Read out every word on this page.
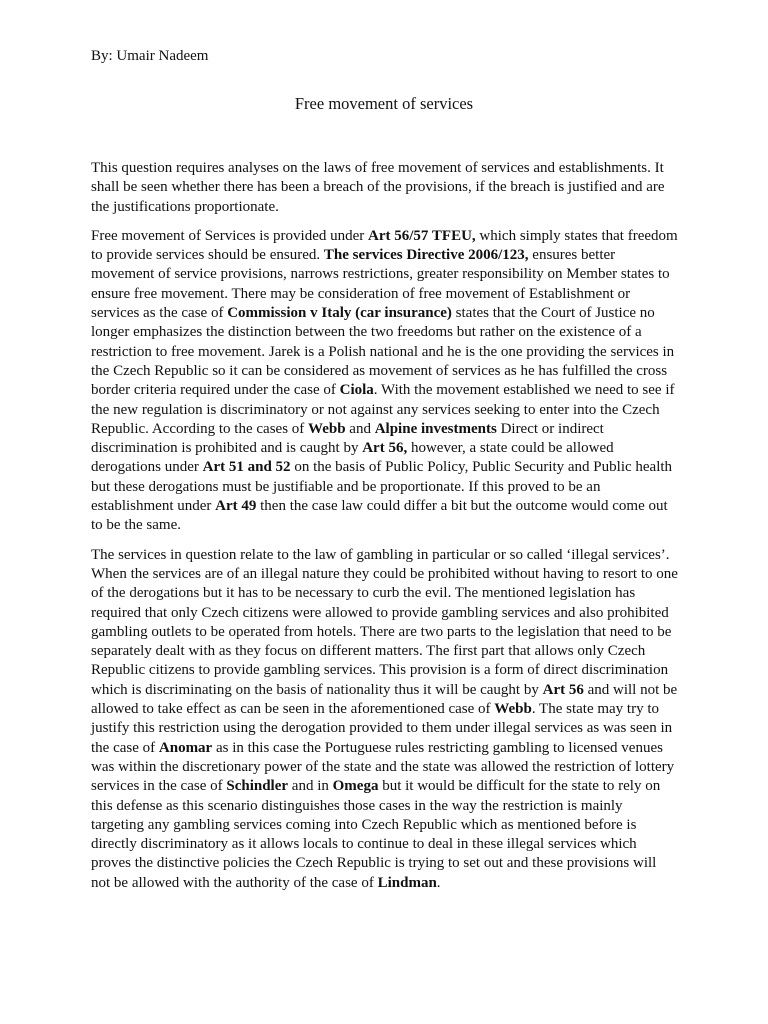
By: Umair Nadeem
Free movement of services

This question requires analyses on the laws of free movement of services and establishments. It shall be seen whether there has been a breach of the provisions, if the breach is justified and are the justifications proportionate.

Free movement of Services is provided under Art 56/57 TFEU, which simply states that freedom to provide services should be ensured. The services Directive 2006/123, ensures better movement of service provisions, narrows restrictions, greater responsibility on Member states to ensure free movement. There may be consideration of free movement of Establishment or services as the case of Commission v Italy (car insurance) states that the Court of Justice no longer emphasizes the distinction between the two freedoms but rather on the existence of a restriction to free movement. Jarek is a Polish national and he is the one providing the services in the Czech Republic so it can be considered as movement of services as he has fulfilled the cross border criteria required under the case of Ciola. With the movement established we need to see if the new regulation is discriminatory or not against any services seeking to enter into the Czech Republic. According to the cases of Webb and Alpine investments Direct or indirect discrimination is prohibited and is caught by Art 56, however, a state could be allowed derogations under Art 51 and 52 on the basis of Public Policy, Public Security and Public health but these derogations must be justifiable and be proportionate. If this proved to be an establishment under Art 49 then the case law could differ a bit but the outcome would come out to be the same.

The services in question relate to the law of gambling in particular or so called ‘illegal services’. When the services are of an illegal nature they could be prohibited without having to resort to one of the derogations but it has to be necessary to curb the evil. The mentioned legislation has required that only Czech citizens were allowed to provide gambling services and also prohibited gambling outlets to be operated from hotels. There are two parts to the legislation that need to be separately dealt with as they focus on different matters. The first part that allows only Czech Republic citizens to provide gambling services. This provision is a form of direct discrimination which is discriminating on the basis of nationality thus it will be caught by Art 56 and will not be allowed to take effect as can be seen in the aforementioned case of Webb. The state may try to justify this restriction using the derogation provided to them under illegal services as was seen in the case of Anomar as in this case the Portuguese rules restricting gambling to licensed venues was within the discretionary power of the state and the state was allowed the restriction of lottery services in the case of Schindler and in Omega but it would be difficult for the state to rely on this defense as this scenario distinguishes those cases in the way the restriction is mainly targeting any gambling services coming into Czech Republic which as mentioned before is directly discriminatory as it allows locals to continue to deal in these illegal services which proves the distinctive policies the Czech Republic is trying to set out and these provisions will not be allowed with the authority of the case of Lindman.
